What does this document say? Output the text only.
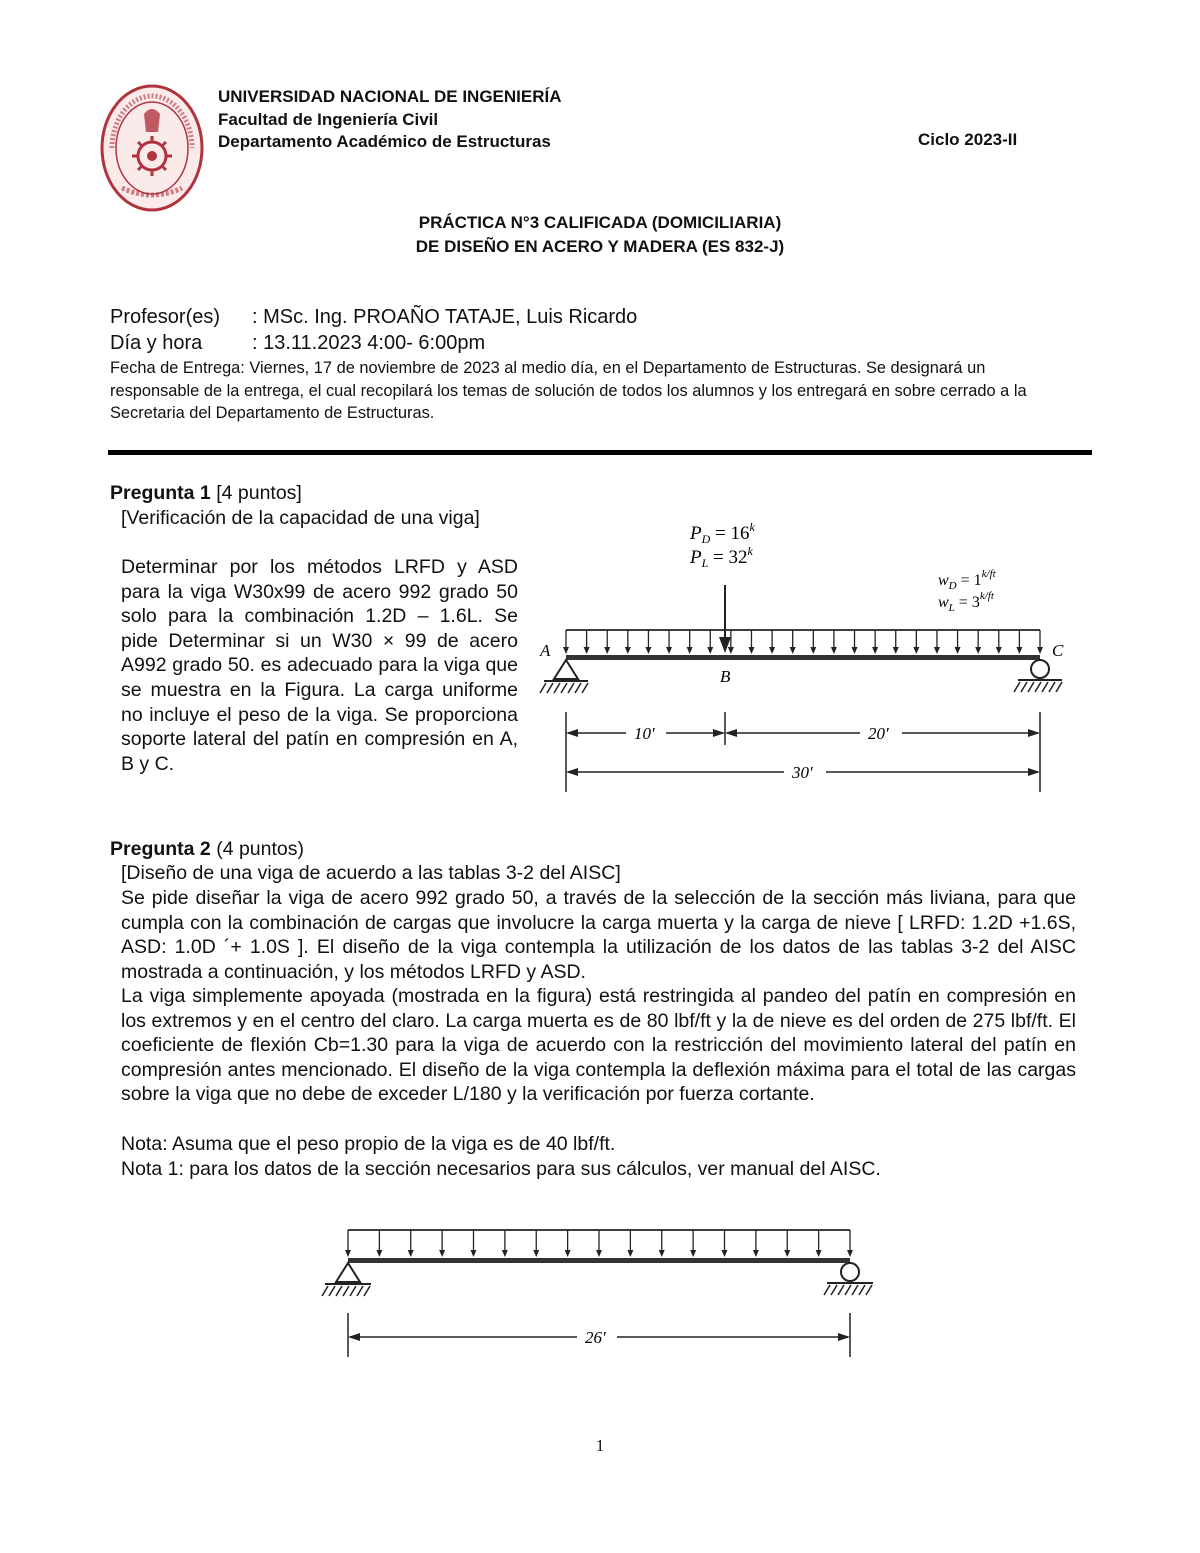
UNIVERSIDAD NACIONAL DE INGENIERÍA
Facultad de Ingeniería Civil
Departamento Académico de Estructuras	Ciclo 2023-II
PRÁCTICA N°3 CALIFICADA (DOMICILIARIA)
DE DISEÑO EN ACERO Y MADERA (ES 832-J)
Profesor(es) : MSc. Ing. PROAÑO TATAJE, Luis Ricardo
Día y hora : 13.11.2023 4:00- 6:00pm
Fecha de Entrega: Viernes, 17 de noviembre de 2023 al medio día, en el Departamento de Estructuras. Se designará un responsable de la entrega, el cual recopilará los temas de solución de todos los alumnos y los entregará en sobre cerrado a la Secretaria del Departamento de Estructuras.
Pregunta 1 [4 puntos]
[Verificación de la capacidad de una viga]
Determinar por los métodos LRFD y ASD para la viga W30x99 de acero 992 grado 50 solo para la combinación 1.2D – 1.6L. Se pide Determinar si un W30 × 99 de acero A992 grado 50. es adecuado para la viga que se muestra en la Figura. La carga uniforme no incluye el peso de la viga. Se proporciona soporte lateral del patín en compresión en A, B y C.
$P_D = 16^k$
$P_L = 32^k$
$w_D = 1^{k/ft}$
$w_L = 3^{k/ft}$
A
B
C
10′	20′
30′
Pregunta 2 (4 puntos)
[Diseño de una viga de acuerdo a las tablas 3-2 del AISC]
Se pide diseñar la viga de acero 992 grado 50, a través de la selección de la sección más liviana, para que cumpla con la combinación de cargas que involucre la carga muerta y la carga de nieve [ LRFD: 1.2D +1.6S, ASD: 1.0D ´+ 1.0S ]. El diseño de la viga contempla la utilización de los datos de las tablas 3-2 del AISC mostrada a continuación, y los métodos LRFD y ASD.
La viga simplemente apoyada (mostrada en la figura) está restringida al pandeo del patín en compresión en los extremos y en el centro del claro. La carga muerta es de 80 lbf/ft y la de nieve es del orden de 275 lbf/ft. El coeficiente de flexión Cb=1.30 para la viga de acuerdo con la restricción del movimiento lateral del patín en compresión antes mencionado. El diseño de la viga contempla la deflexión máxima para el total de las cargas sobre la viga que no debe de exceder L/180 y la verificación por fuerza cortante.
Nota: Asuma que el peso propio de la viga es de 40 lbf/ft.
Nota 1: para los datos de la sección necesarios para sus cálculos, ver manual del AISC.
26′
1
